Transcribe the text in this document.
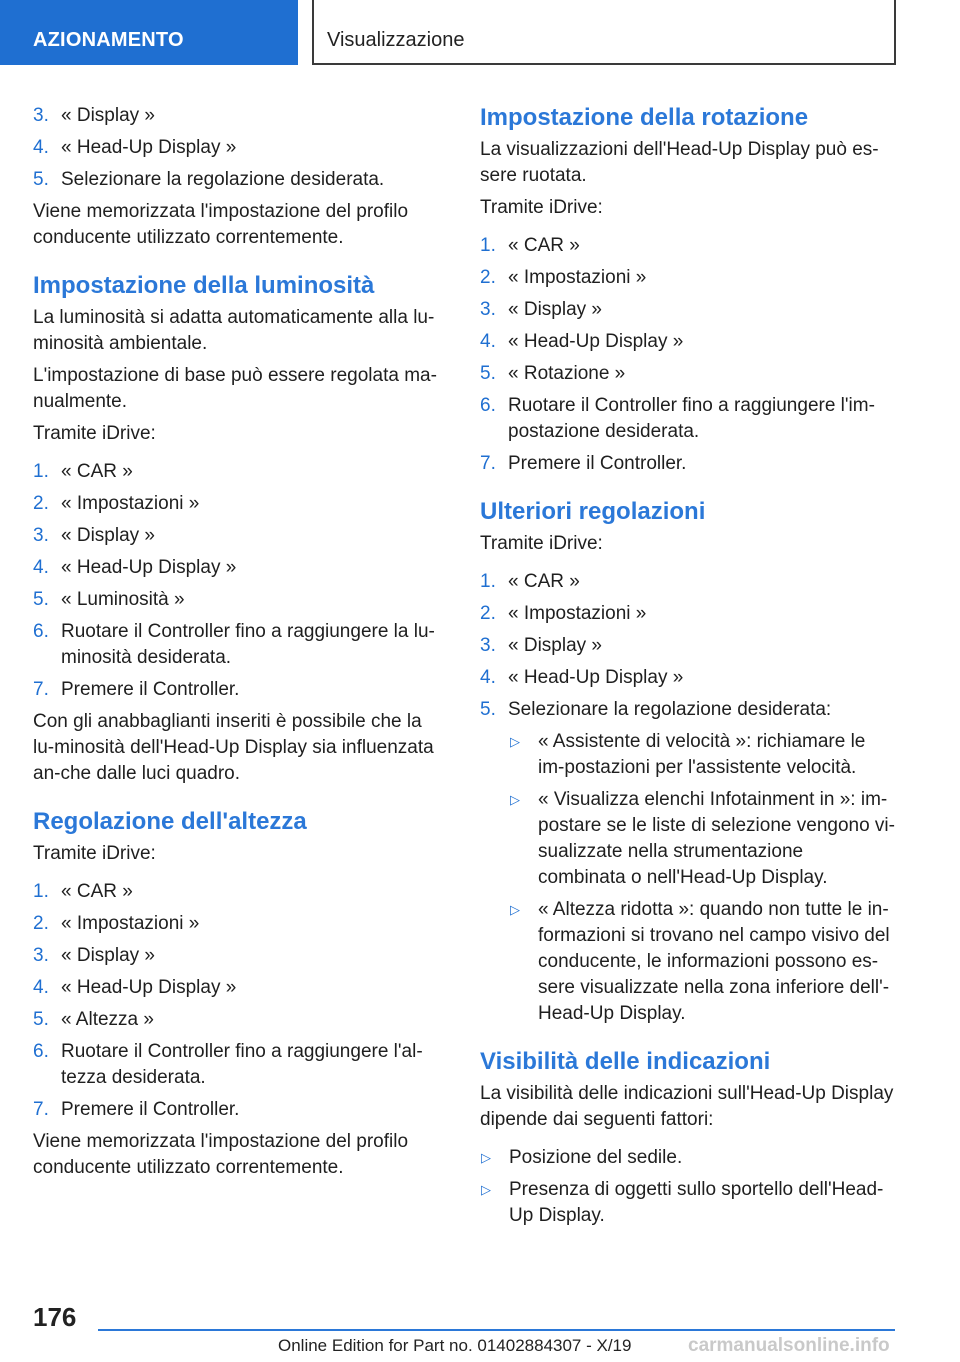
AZIONAMENTO	Visualizzazione
3. « Display »
4. « Head-Up Display »
5. Selezionare la regolazione desiderata.

Viene memorizzata l'impostazione del profilo conducente utilizzato correntemente.

Impostazione della luminosità

La luminosità si adatta automaticamente alla lu-minosità ambientale.

L'impostazione di base può essere regolata ma-nualmente.

Tramite iDrive:

1. « CAR »
2. « Impostazioni »
3. « Display »
4. « Head-Up Display »
5. « Luminosità »
6. Ruotare il Controller fino a raggiungere la lu-minosità desiderata.
7. Premere il Controller.

Con gli anabbaglianti inseriti è possibile che la lu-minosità dell'Head-Up Display sia influenzata an-che dalle luci quadro.

Regolazione dell'altezza

Tramite iDrive:

1. « CAR »
2. « Impostazioni »
3. « Display »
4. « Head-Up Display »
5. « Altezza »
6. Ruotare il Controller fino a raggiungere l'al-tezza desiderata.
7. Premere il Controller.

Viene memorizzata l'impostazione del profilo conducente utilizzato correntemente.

Impostazione della rotazione

La visualizzazioni dell'Head-Up Display può es-sere ruotata.

Tramite iDrive:

1. « CAR »
2. « Impostazioni »
3. « Display »
4. « Head-Up Display »
5. « Rotazione »
6. Ruotare il Controller fino a raggiungere l'im-postazione desiderata.
7. Premere il Controller.
Ulteriori regolazioni

Tramite iDrive:

1. « CAR »
2. « Impostazioni »
3. « Display »
4. « Head-Up Display »
5. Selezionare la regolazione desiderata:
▷ « Assistente di velocità »: richiamare le im-postazioni per l'assistente velocità.
▷ « Visualizza elenchi Infotainment in »: im-postare se le liste di selezione vengono vi-sualizzate nella strumentazione combinata o nell'Head-Up Display.
▷ « Altezza ridotta »: quando non tutte le in-formazioni si trovano nel campo visivo del conducente, le informazioni possono es-sere visualizzate nella zona inferiore dell'-Head-Up Display.
Visibilità delle indicazioni

La visibilità delle indicazioni sull'Head-Up Display dipende dai seguenti fattori:

▷ Posizione del sedile.
▷ Presenza di oggetti sullo sportello dell'Head-Up Display.
176
Online Edition for Part no. 01402884307 - X/19	carmanualsonline.info
